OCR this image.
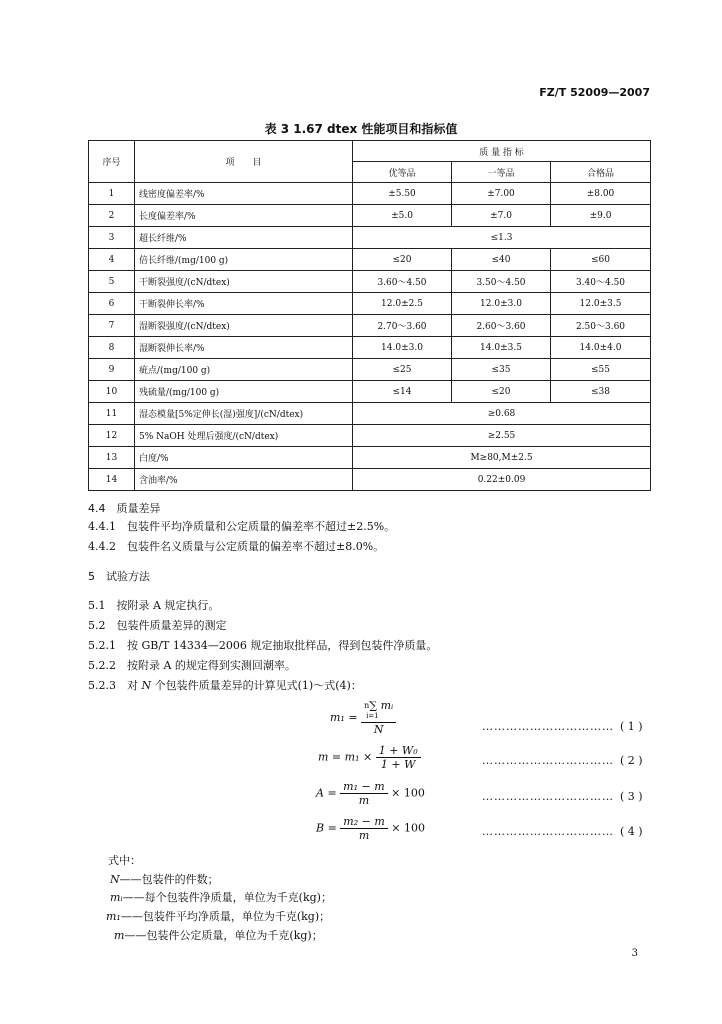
FZ/T 52009—2007
表 3 1.67 dtex 性能项目和指标值
序号	项　　目	质 量 指 标		
		优等品	一等品	合格品
1	线密度偏差率/%	±5.50	±7.00	±8.00
2	长度偏差率/%	±5.0	±7.0	±9.0
3	超长纤维/%	≤1.3		
4	倍长纤维/(mg/100 g)	≤20	≤40	≤60
5	干断裂强度/(cN/dtex)	3.60～4.50	3.50～4.50	3.40～4.50
6	干断裂伸长率/%	12.0±2.5	12.0±3.0	12.0±3.5
7	湿断裂强度/(cN/dtex)	2.70～3.60	2.60～3.60	2.50～3.60
8	湿断裂伸长率/%	14.0±3.0	14.0±3.5	14.0±4.0
9	疵点/(mg/100 g)	≤25	≤35	≤55
10	残硫量/(mg/100 g)	≤14	≤20	≤38
11	湿态模量[5%定伸长(湿)强度]/(cN/dtex)	≥0.68		
12	5% NaOH 处理后强度/(cN/dtex)	≥2.55		
13	白度/%	M≥80,M±2.5		
14	含油率/%	0.22±0.09		
4.4　质量差异
4.4.1　包装件平均净质量和公定质量的偏差率不超过±2.5%。
4.4.2　包装件名义质量与公定质量的偏差率不超过±8.0%。
5　试验方法
5.1　按附录 A 规定执行。
5.2　包装件质量差异的测定
5.2.1　按 GB/T 14334—2006 规定抽取批样品，得到包装件净质量。
5.2.2　按附录 A 的规定得到实测回潮率。
5.2.3　对 N 个包装件质量差异的计算见式(1)～式(4)：
m₁ = n ∑ mᵢ
i=1
N	…………………………… ( 1 )
$m = m_1 \times \frac{\text{1 + W₀}}{1 + W}$	…………………………… ( 2 )
$A = \frac{\text{m₁ − m}}{m} \times 100$	…………………………… ( 3 )
$B = \frac{\text{m₂ − m}}{m} \times 100$	…………………………… ( 4 )
式中：
N——包装件的件数；
mᵢ——每个包装件净质量，单位为千克(kg)；
m₁——包装件平均净质量，单位为千克(kg)；
m——包装件公定质量，单位为千克(kg)；
3
